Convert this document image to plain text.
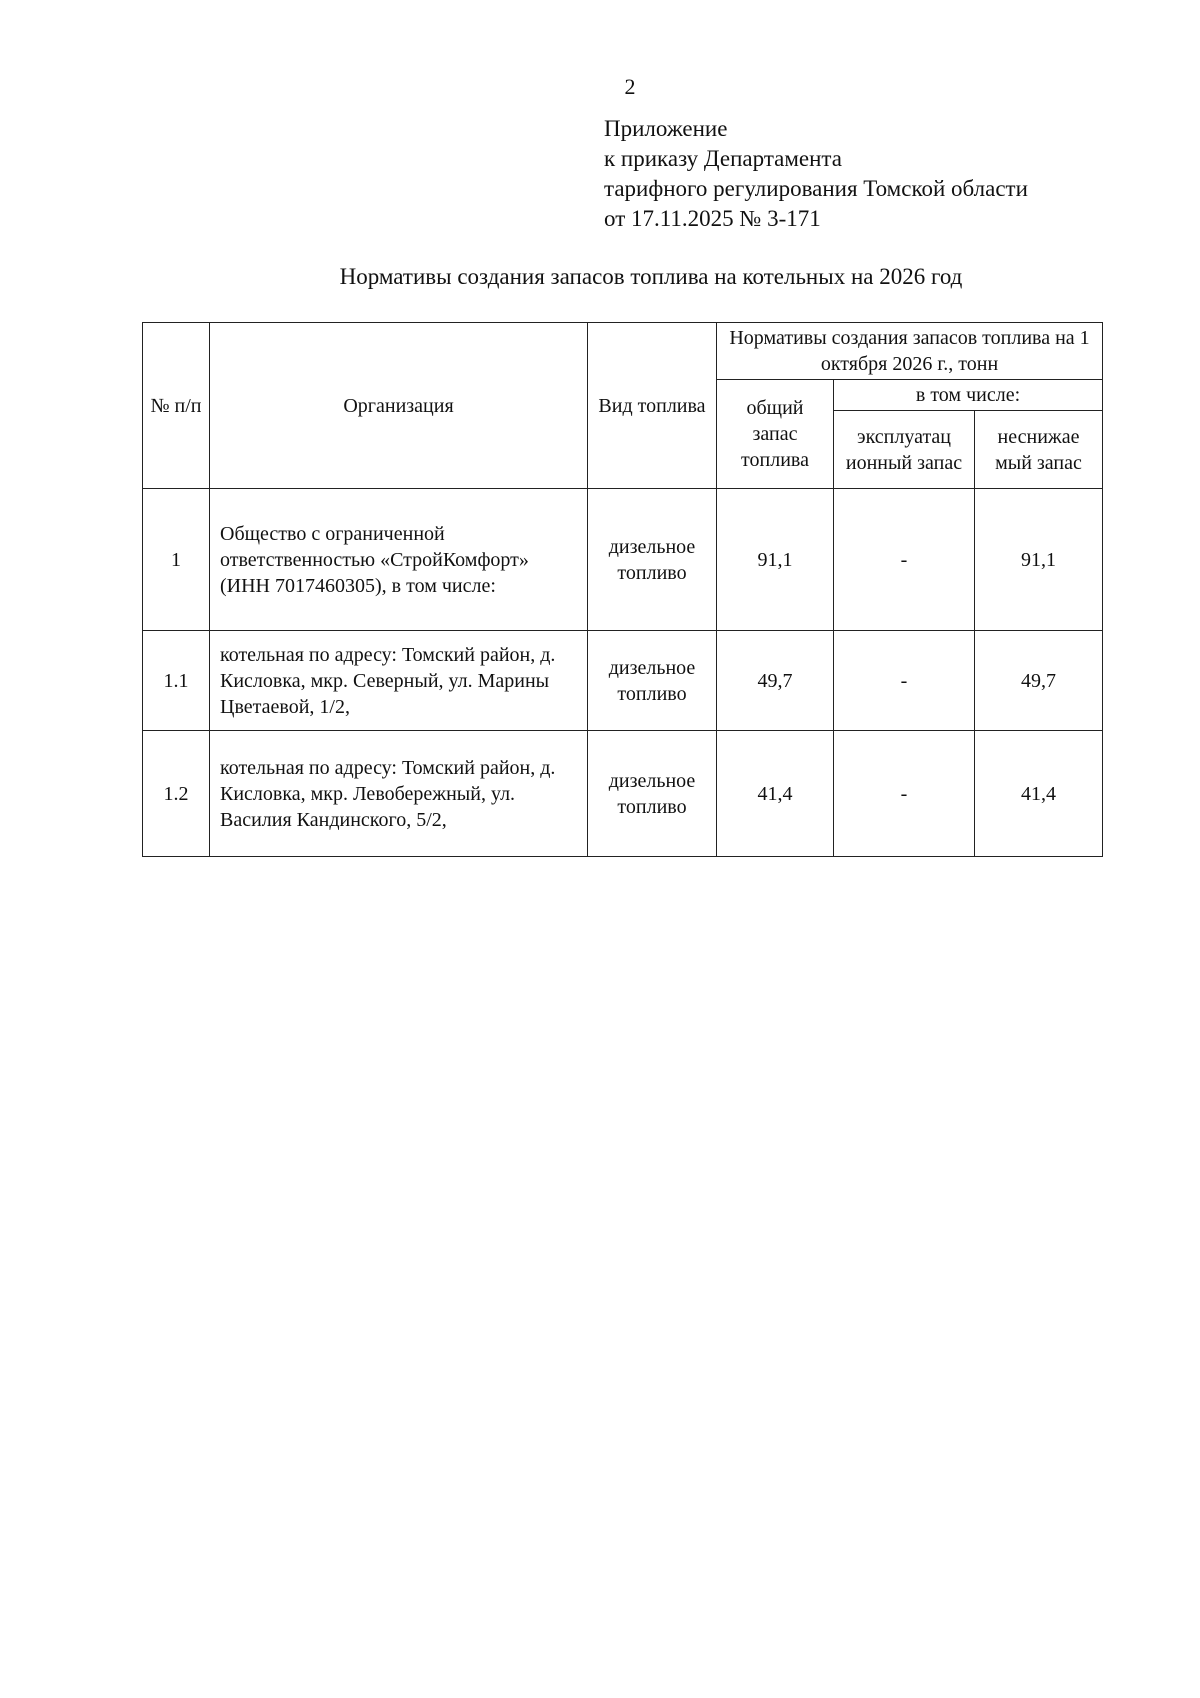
2
Приложение
к приказу Департамента
тарифного регулирования Томской области
от 17.11.2025 № 3-171
Нормативы создания запасов топлива на котельных на 2026 год
№ п/п	Организация	Вид топлива	Нормативы создания запасов топлива на 1 октября 2026 г., тонн		
			общий запас топлива	в том числе:	
				эксплуатац ионный запас	неснижае мый запас
1	Общество с ограниченной ответственностью «СтройКомфорт» (ИНН 7017460305), в том числе:	дизельное топливо	91,1	-	91,1
1.1	котельная по адресу: Томский район, д. Кисловка, мкр. Северный, ул. Марины Цветаевой, 1/2,	дизельное топливо	49,7	-	49,7
1.2	котельная по адресу: Томский район, д. Кисловка, мкр. Левобережный, ул. Василия Кандинского, 5/2,	дизельное топливо	41,4	-	41,4
